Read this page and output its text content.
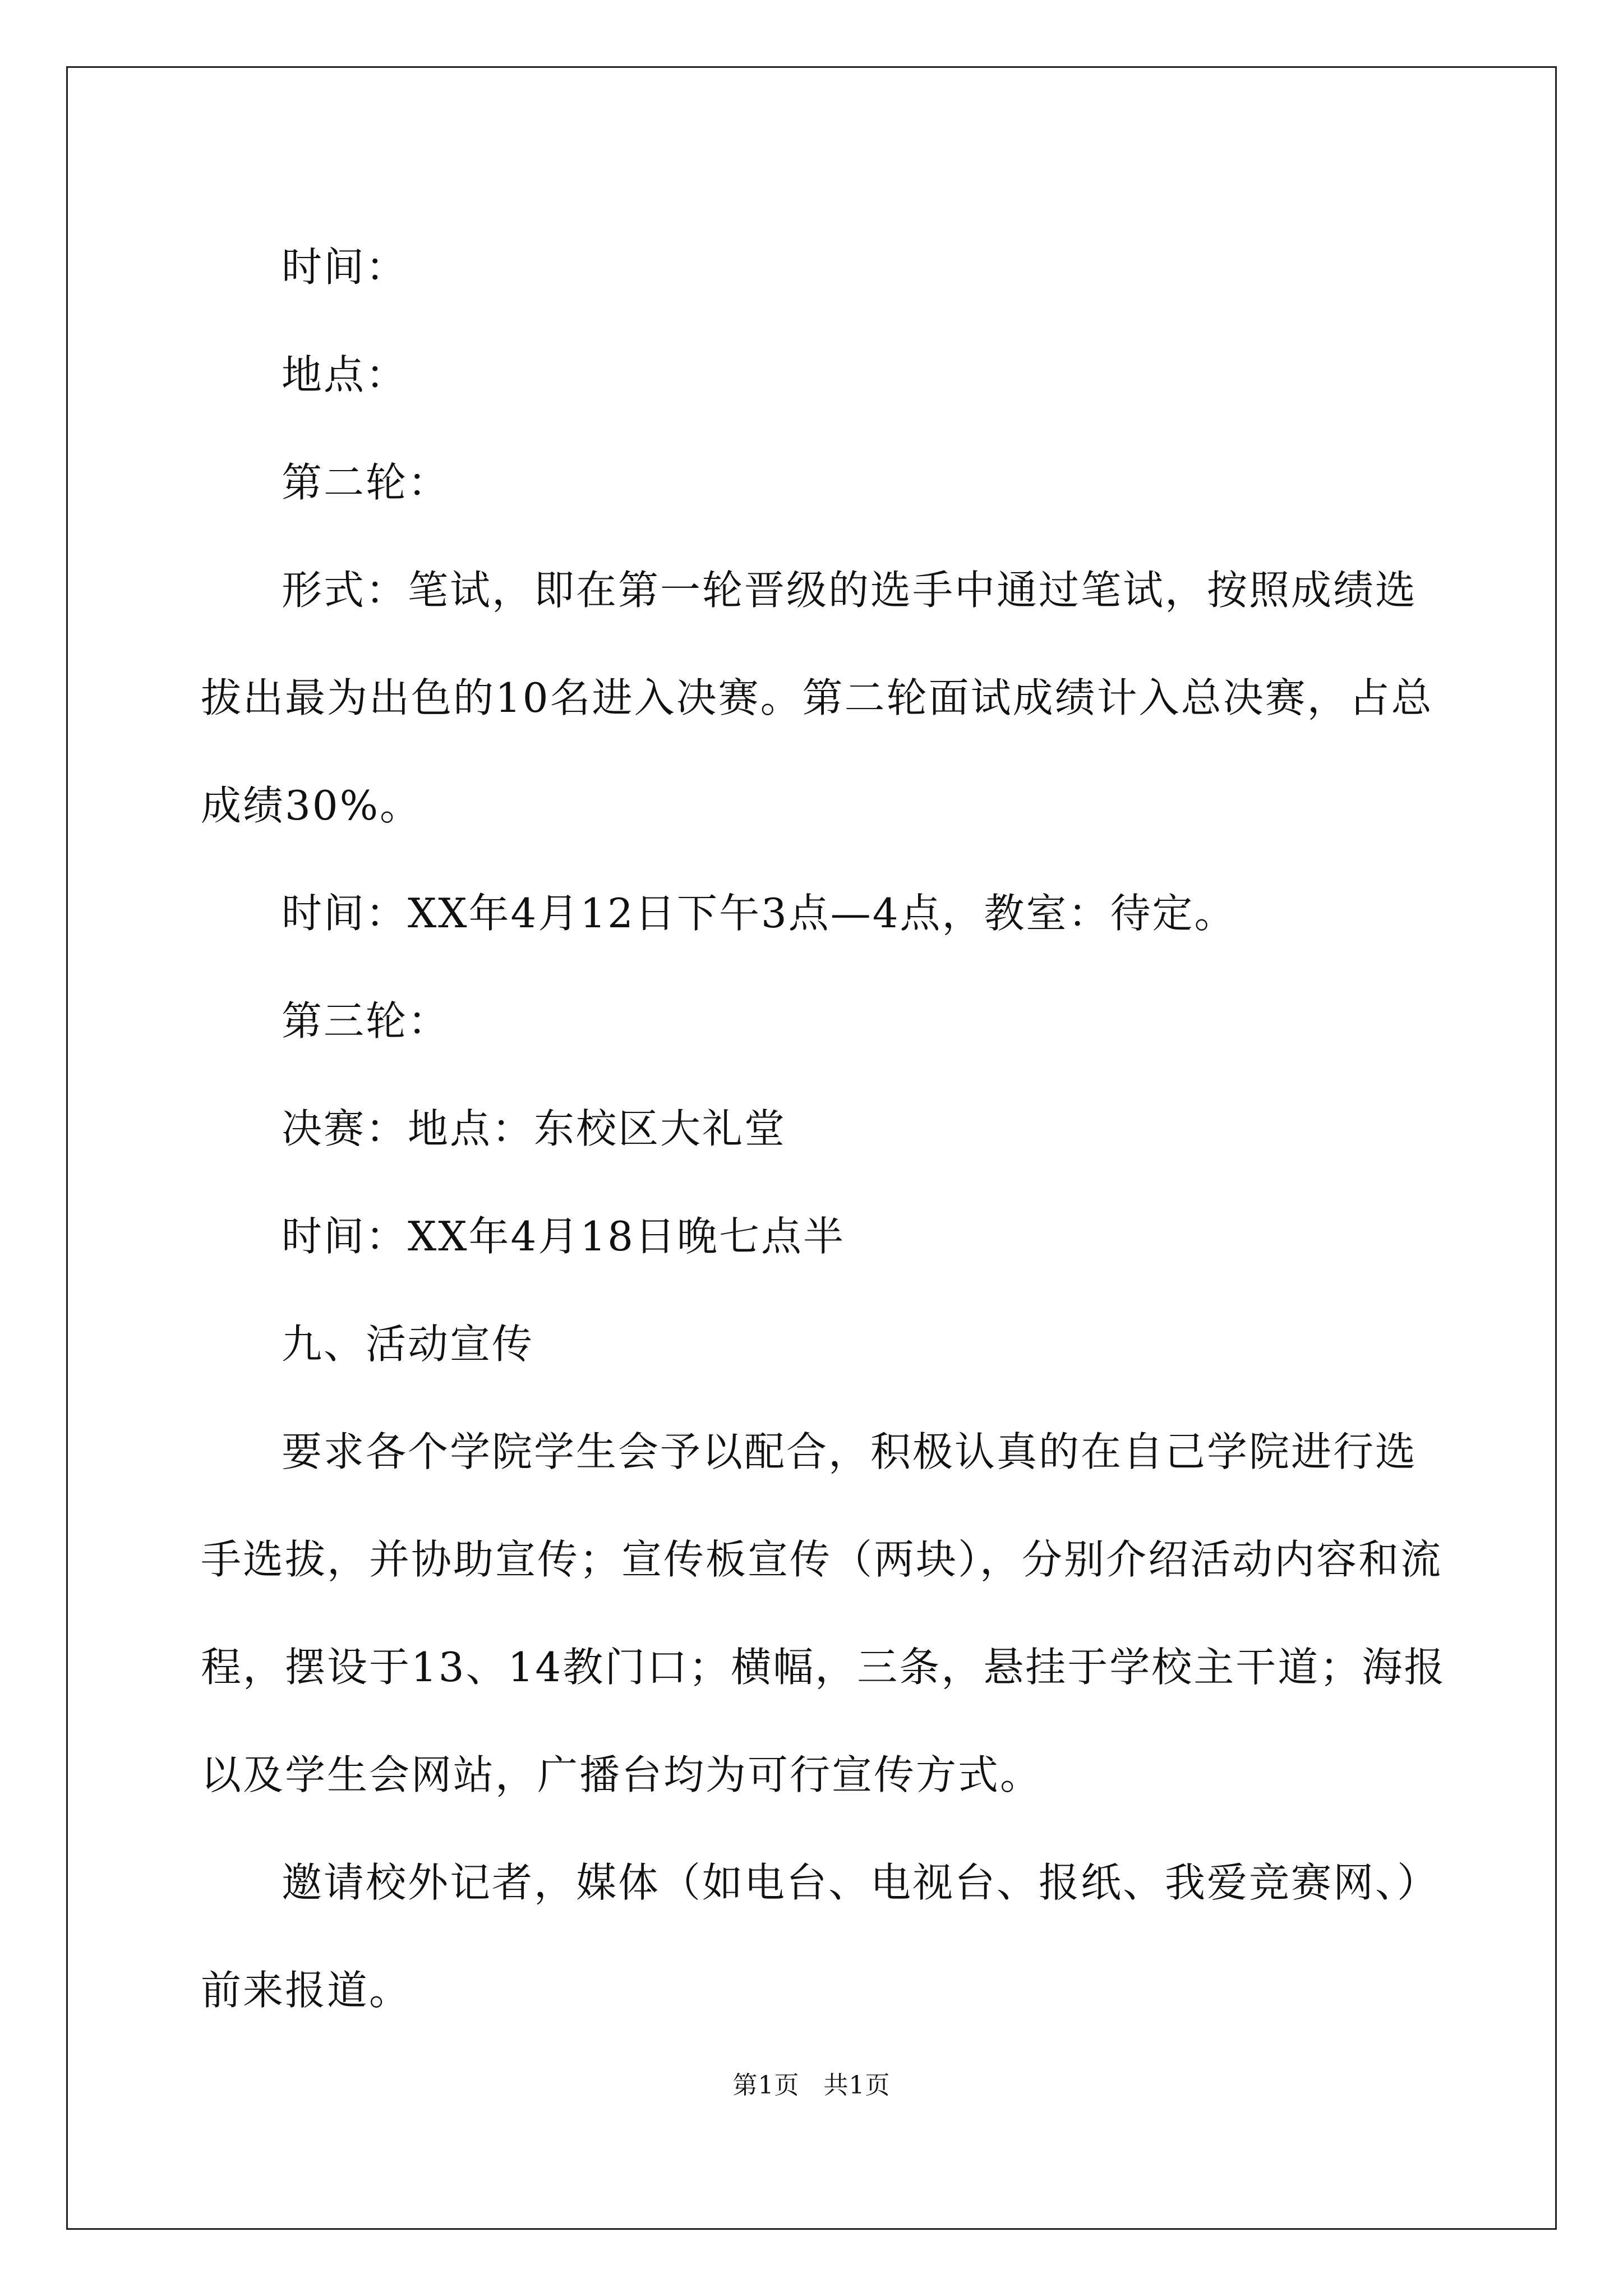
时间：

地点：

第二轮：

形式：笔试，即在第一轮晋级的选手中通过笔试，按照成绩选拔出最为出色的10名进入决赛。第二轮面试成绩计入总决赛，占总成绩30%。

时间：XX年4月12日下午3点—4点，教室：待定。

第三轮：

决赛：地点：东校区大礼堂

时间：XX年4月18日晚七点半

九、活动宣传

要求各个学院学生会予以配合，积极认真的在自己学院进行选手选拔，并协助宣传；宣传板宣传（两块），分别介绍活动内容和流程，摆设于13、14教门口；横幅，三条，悬挂于学校主干道；海报以及学生会网站，广播台均为可行宣传方式。

邀请校外记者，媒体（如电台、电视台、报纸、我爱竞赛网、）前来报道。

第1页 共1页
